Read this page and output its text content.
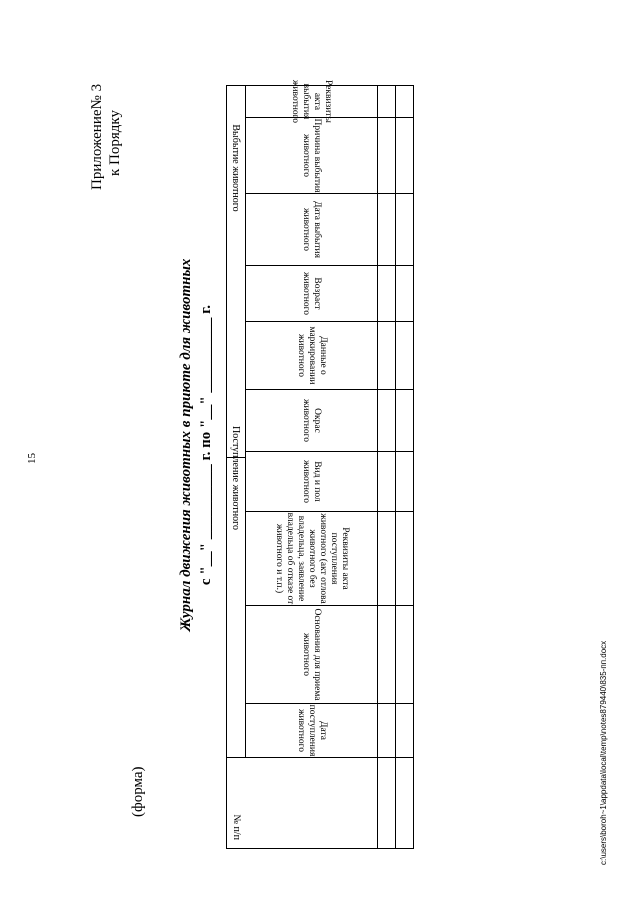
15
Приложение№ 3 к Порядку
(форма)
Журнал движения животных в приюте для животных с "__" __________ г. по "__" __________ г.
№ п/п
Поступление животного
Выбытие животного
Дата поступления животного
Основания для приема животного
Реквизиты акта поступления животного (акт отлова животного без владельца, заявление владельца об отказе от животного и т.п.)
Вид и пол животного
Окрас животного
Данные о маркировании животного
Возраст животного
Дата выбытия животного
Причина выбытия животного
Реквизиты акта выбытия животного
c:\users\boroh~1\appdata\local\temp\notes879440\835-пп.docx
